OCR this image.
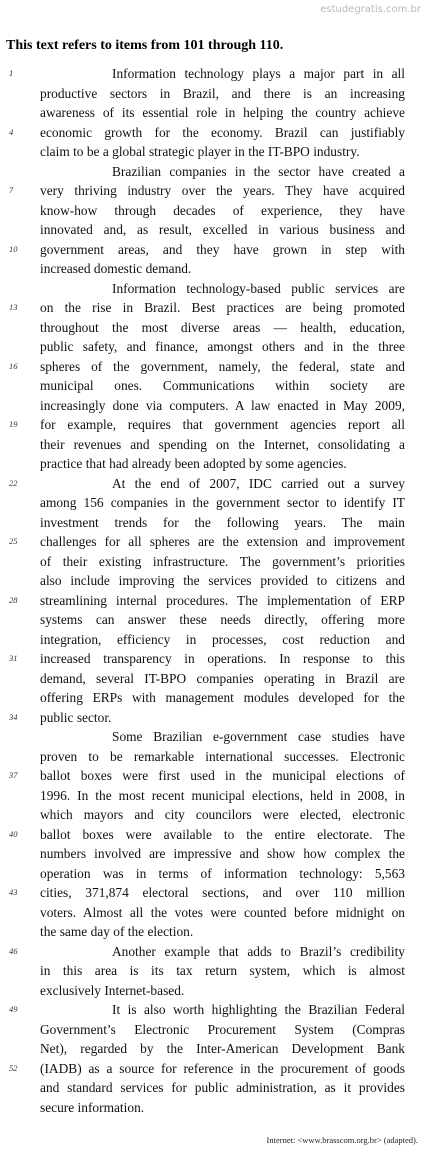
estudegratis.com.br
This text refers to items from 101 through 110.
Information technology plays a major part in all
1
productive sectors in Brazil, and there is an increasing
awareness of its essential role in helping the country achieve
economic growth for the economy. Brazil can justifiably
4
claim to be a global strategic player in the IT-BPO industry.
Brazilian companies in the sector have created a
very thriving industry over the years. They have acquired
7
know-how through decades of experience, they have
innovated and, as result, excelled in various business and
government areas, and they have grown in step with
10
increased domestic demand.
Information technology-based public services are
on the rise in Brazil. Best practices are being promoted
13
throughout the most diverse areas — health, education,
public safety, and finance, amongst others and in the three
spheres of the government, namely, the federal, state and
16
municipal ones. Communications within society are
increasingly done via computers. A law enacted in May 2009,
for example, requires that government agencies report all
19
their revenues and spending on the Internet, consolidating a
practice that had already been adopted by some agencies.
At the end of 2007, IDC carried out a survey
22
among 156 companies in the government sector to identify IT
investment trends for the following years. The main
challenges for all spheres are the extension and improvement
25
of their existing infrastructure. The government’s priorities
also include improving the services provided to citizens and
streamlining internal procedures. The implementation of ERP
28
systems can answer these needs directly, offering more
integration, efficiency in processes, cost reduction and
increased transparency in operations. In response to this
31
demand, several IT-BPO companies operating in Brazil are
offering ERPs with management modules developed for the
public sector.
34
Some Brazilian e-government case studies have
proven to be remarkable international successes. Electronic
ballot boxes were first used in the municipal elections of
37
1996. In the most recent municipal elections, held in 2008, in
which mayors and city councilors were elected, electronic
ballot boxes were available to the entire electorate. The
40
numbers involved are impressive and show how complex the
operation was in terms of information technology: 5,563
cities, 371,874 electoral sections, and over 110 million
43
voters. Almost all the votes were counted before midnight on
the same day of the election.
Another example that adds to Brazil’s credibility
46
in this area is its tax return system, which is almost
exclusively Internet-based.
It is also worth highlighting the Brazilian Federal
49
Government’s Electronic Procurement System (Compras
Net), regarded by the Inter-American Development Bank
(IADB) as a source for reference in the procurement of goods
52
and standard services for public administration, as it provides
secure information.
Internet: <www.brasscom.org.br> (adapted).
